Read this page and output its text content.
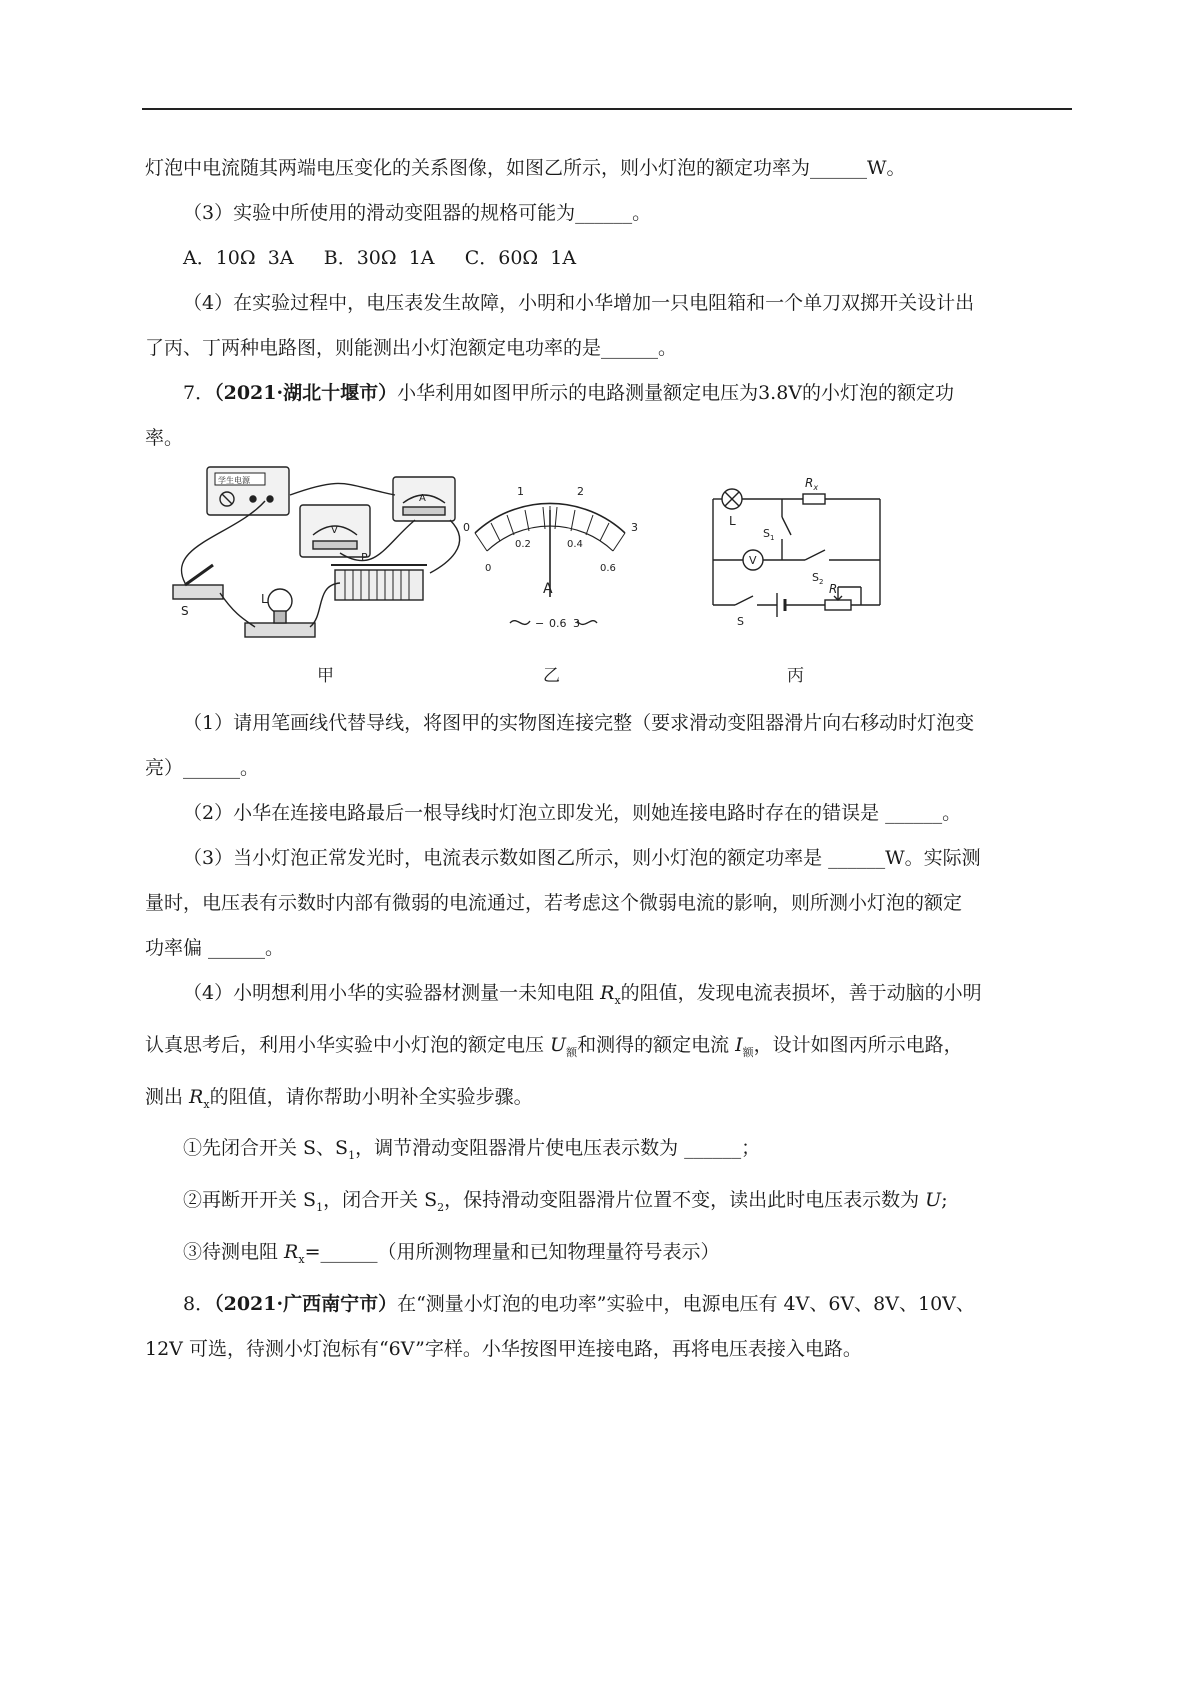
灯泡中电流随其两端电压变化的关系图像，如图乙所示，则小灯泡的额定功率为______W。

（3）实验中所使用的滑动变阻器的规格可能为______。

A．10Ω  3A     B．30Ω  1A     C．60Ω  1A

（4）在实验过程中，电压表发生故障，小明和小华增加一只电阻箱和一个单刀双掷开关设计出

了丙、丁两种电路图，则能测出小灯泡额定电功率的是______。

7．（2021·湖北十堰市）小华利用如图甲所示的电路测量额定电压为3.8V的小灯泡的额定功

率。

学生电源
V
A
S
L
P
甲
0
1	2
3
0
0.2	0.4
0.6
A
− 0.6 3
乙
L
$R_x$
$S_1$
V
$S_2$
S
R
丙

（1）请用笔画线代替导线，将图甲的实物图连接完整（要求滑动变阻器滑片向右移动时灯泡变

亮）______。

（2）小华在连接电路最后一根导线时灯泡立即发光，则她连接电路时存在的错误是 ______。

（3）当小灯泡正常发光时，电流表示数如图乙所示，则小灯泡的额定功率是 ______W。实际测

量时，电压表有示数时内部有微弱的电流通过，若考虑这个微弱电流的影响，则所测小灯泡的额定

功率偏 ______。

（4）小明想利用小华的实验器材测量一未知电阻 $R_x$的阻值，发现电流表损坏，善于动脑的小明

认真思考后，利用小华实验中小灯泡的额定电压 $U_额$和测得的额定电流 $I_额$，设计如图丙所示电路，

测出 $R_x$的阻值，请你帮助小明补全实验步骤。

①先闭合开关 S、$S_1$，调节滑动变阻器滑片使电压表示数为 ______；

②再断开开关 $S_1$，闭合开关 $S_2$，保持滑动变阻器滑片位置不变，读出此时电压表示数为 U;

③待测电阻 $R_x=\_\_\_\_\_\_$（用所测物理量和已知物理量符号表示）

8．（2021·广西南宁市）在“测量小灯泡的电功率”实验中，电源电压有 4V、6V、8V、10V、

12V 可选，待测小灯泡标有“6V”字样。小华按图甲连接电路，再将电压表接入电路。
